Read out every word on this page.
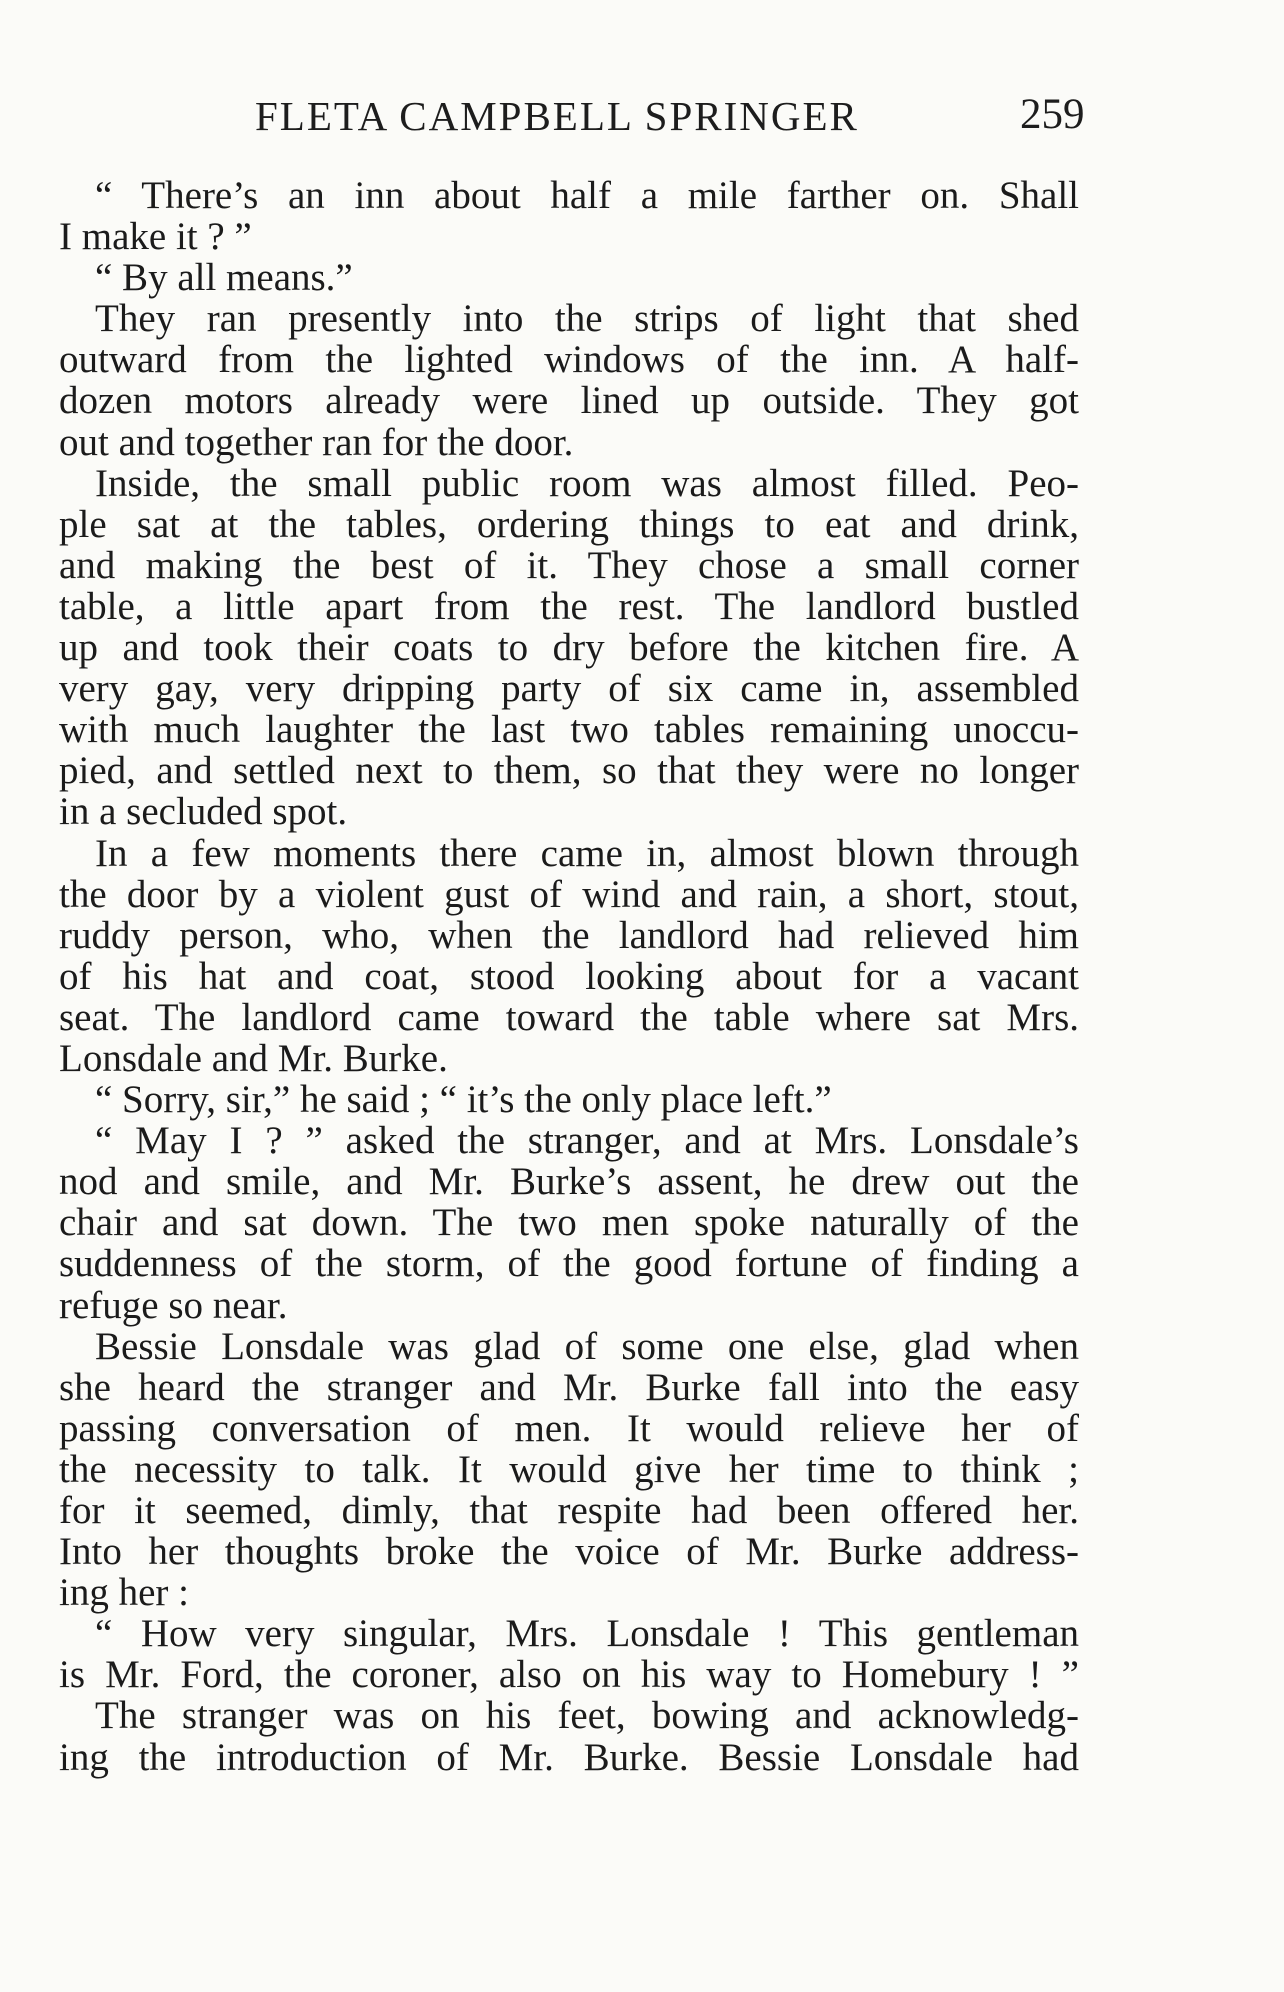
FLETA CAMPBELL SPRINGER	259
“ There’s an inn about half a mile farther on. Shall
I make it ? ”
“ By all means.”
They ran presently into the strips of light that shed
outward from the lighted windows of the inn. A half-
dozen motors already were lined up outside. They got
out and together ran for the door.
Inside, the small public room was almost filled. Peo-
ple sat at the tables, ordering things to eat and drink,
and making the best of it. They chose a small corner
table, a little apart from the rest. The landlord bustled
up and took their coats to dry before the kitchen fire. A
very gay, very dripping party of six came in, assembled
with much laughter the last two tables remaining unoccu-
pied, and settled next to them, so that they were no longer
in a secluded spot.
In a few moments there came in, almost blown through
the door by a violent gust of wind and rain, a short, stout,
ruddy person, who, when the landlord had relieved him
of his hat and coat, stood looking about for a vacant
seat. The landlord came toward the table where sat Mrs.
Lonsdale and Mr. Burke.
“ Sorry, sir,” he said ; “ it’s the only place left.”
“ May I ? ” asked the stranger, and at Mrs. Lonsdale’s
nod and smile, and Mr. Burke’s assent, he drew out the
chair and sat down. The two men spoke naturally of the
suddenness of the storm, of the good fortune of finding a
refuge so near.
Bessie Lonsdale was glad of some one else, glad when
she heard the stranger and Mr. Burke fall into the easy
passing conversation of men. It would relieve her of
the necessity to talk. It would give her time to think ;
for it seemed, dimly, that respite had been offered her.
Into her thoughts broke the voice of Mr. Burke address-
ing her :
“ How very singular, Mrs. Lonsdale ! This gentleman
is Mr. Ford, the coroner, also on his way to Homebury ! ”
The stranger was on his feet, bowing and acknowledg-
ing the introduction of Mr. Burke. Bessie Lonsdale had
